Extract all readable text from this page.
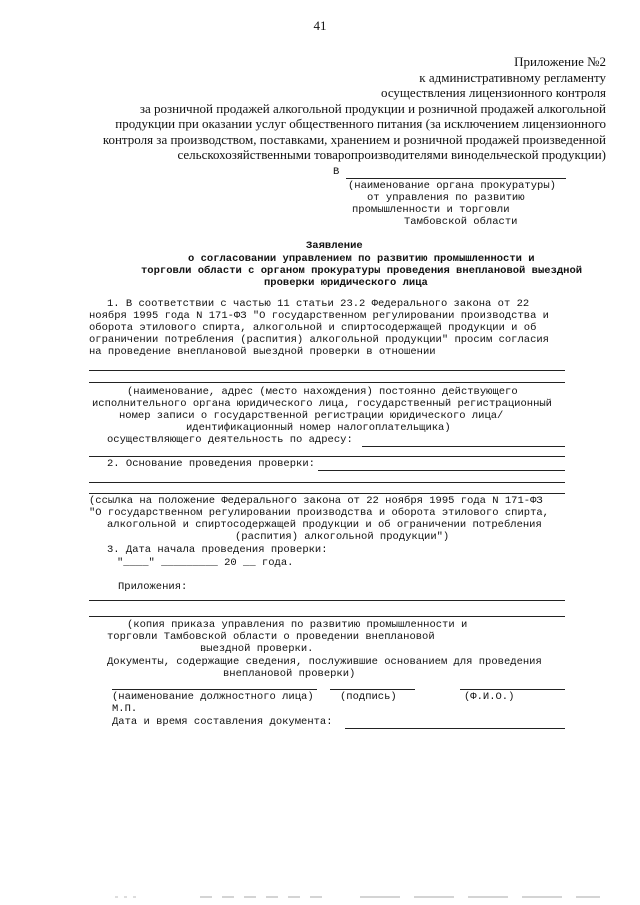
41
Приложение №2
к административному регламенту
осуществления лицензионного контроля
за розничной продажей алкогольной продукции и розничной продажей алкогольной
продукции при оказании услуг общественного питания (за исключением лицензионного
контроля за производством, поставками, хранением и розничной продажей произведенной
сельскохозяйственными товаропроизводителями винодельческой продукции)
В
(наименование органа прокуратуры)
от управления по развитию
промышленности и торговли
Тамбовской области
Заявление
о согласовании управлением по развитию промышленности и
торговли области с органом прокуратуры проведения внеплановой выездной
проверки юридического лица
1. В соответствии с частью 11 статьи 23.2 Федерального закона от 22
ноября 1995 года N 171-ФЗ "О государственном регулировании производства и
оборота этилового спирта, алкогольной и спиртосодержащей продукции и об
ограничении потребления (распития) алкогольной продукции" просим согласия
на проведение внеплановой выездной проверки в отношении
(наименование, адрес (место нахождения) постоянно действующего
исполнительного органа юридического лица, государственный регистрационный
номер записи о государственной регистрации юридического лица/
идентификационный номер налогоплательщика)
осуществляющего деятельность по адресу:
2. Основание проведения проверки:
(ссылка на положение Федерального закона от 22 ноября 1995 года N 171-ФЗ
"О государственном регулировании производства и оборота этилового спирта,
алкогольной и спиртосодержащей продукции и об ограничении потребления
(распития) алкогольной продукции")
3. Дата начала проведения проверки:
"____" _________ 20 __ года.
Приложения:
(копия приказа управления по развитию промышленности и
торговли Тамбовской области о проведении внеплановой
выездной проверки.
Документы, содержащие сведения, послужившие основанием для проведения
внеплановой проверки)
(наименование должностного лица)	(подпись)	(Ф.И.О.)
М.П.
Дата и время составления документа:
